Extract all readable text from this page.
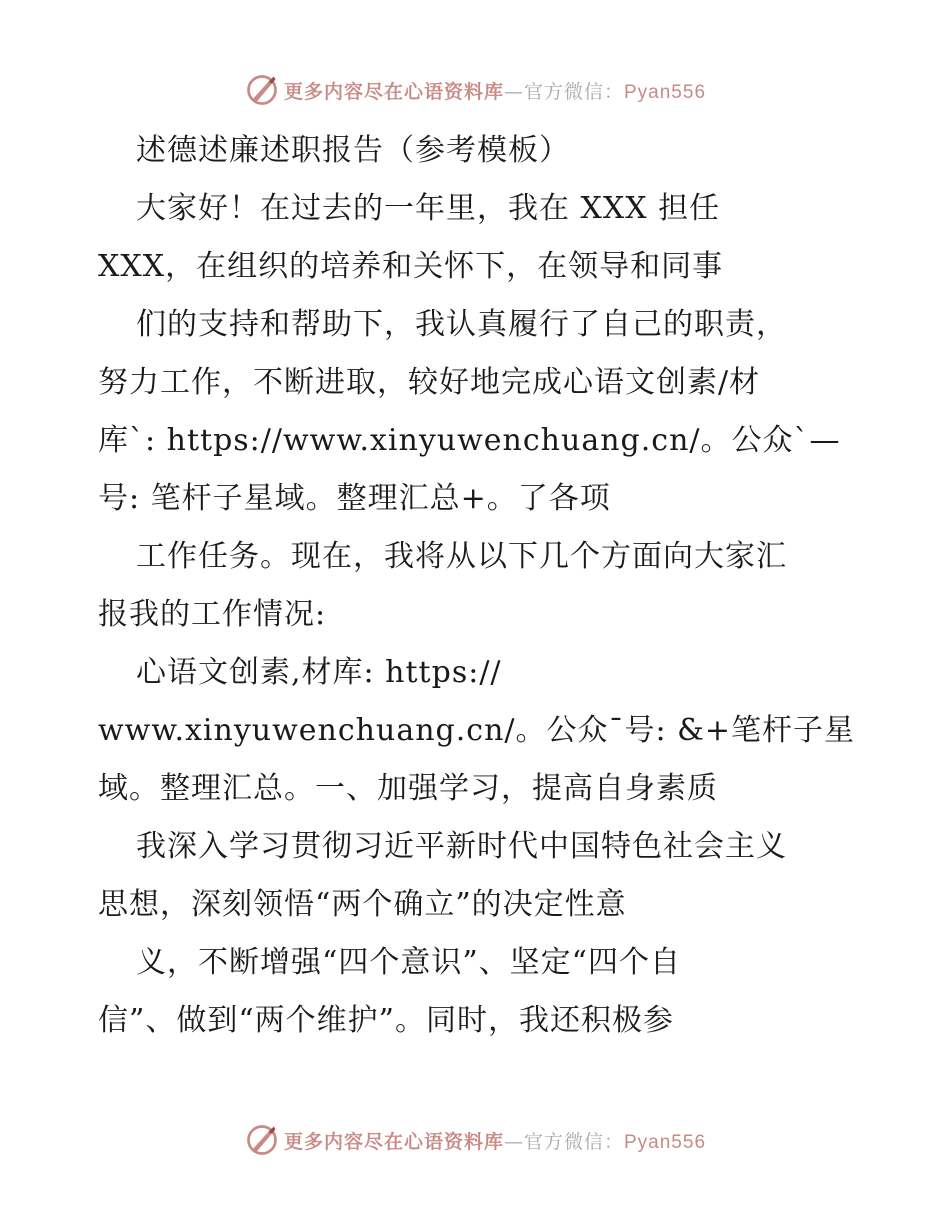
更多内容尽在心语资料库—官方微信：Pyan556
述德述廉述职报告（参考模板）
大家好！在过去的一年里，我在 XXX 担任
XXX，在组织的培养和关怀下，在领导和同事
们的支持和帮助下，我认真履行了自己的职责，
努力工作，不断进取，较好地完成心语文创素/材
库`: https://www.xinyuwenchuang.cn/。公众`—
号: 笔杆子星域。整理汇总+。了各项
工作任务。现在，我将从以下几个方面向大家汇
报我的工作情况:
心语文创素,材库: https://
www.xinyuwenchuang.cn/。公众¯号: &+笔杆子星
域。整理汇总。一、加强学习，提高自身素质
我深入学习贯彻习近平新时代中国特色社会主义
思想，深刻领悟“两个确立”的决定性意
义，不断增强“四个意识”、坚定“四个自
信”、做到“两个维护”。同时，我还积极参
更多内容尽在心语资料库—官方微信：Pyan556
